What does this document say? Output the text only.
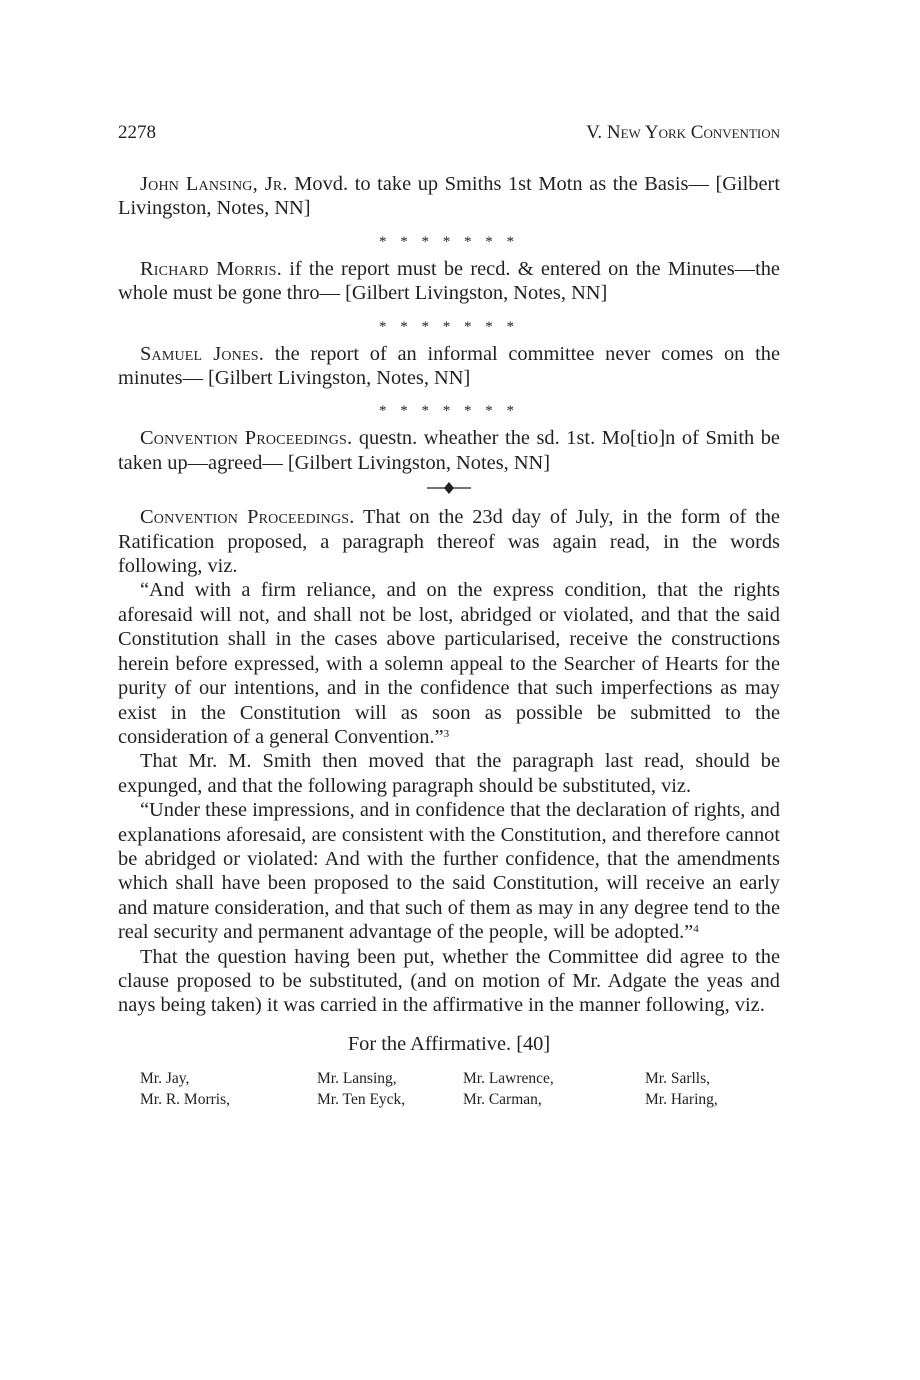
2278	V. New York Convention

John Lansing, Jr. Movd. to take up Smiths 1st Motn as the Basis— [Gilbert Livingston, Notes, NN]

* * * * * * *

Richard Morris. if the report must be recd. & entered on the Minutes—the whole must be gone thro— [Gilbert Livingston, Notes, NN]

* * * * * * *

Samuel Jones. the report of an informal committee never comes on the minutes— [Gilbert Livingston, Notes, NN]

* * * * * * *

Convention Proceedings. questn. wheather the sd. 1st. Mo[tio]n of Smith be taken up—agreed— [Gilbert Livingston, Notes, NN]

Convention Proceedings. That on the 23d day of July, in the form of the Ratification proposed, a paragraph thereof was again read, in the words following, viz.

“And with a firm reliance, and on the express condition, that the rights aforesaid will not, and shall not be lost, abridged or violated, and that the said Constitution shall in the cases above particularised, receive the constructions herein before expressed, with a solemn appeal to the Searcher of Hearts for the purity of our intentions, and in the confidence that such imperfections as may exist in the Constitution will as soon as possible be submitted to the consideration of a general Convention.”$^3$

That Mr. M. Smith then moved that the paragraph last read, should be expunged, and that the following paragraph should be substituted, viz.

“Under these impressions, and in confidence that the declaration of rights, and explanations aforesaid, are consistent with the Constitution, and therefore cannot be abridged or violated: And with the further confidence, that the amendments which shall have been proposed to the said Constitution, will receive an early and mature consideration, and that such of them as may in any degree tend to the real security and permanent advantage of the people, will be adopted.”$^4$

That the question having been put, whether the Committee did agree to the clause proposed to be substituted, (and on motion of Mr. Adgate the yeas and nays being taken) it was carried in the affirmative in the manner following, viz.

For the Affirmative. [40]
Mr. Jay,	Mr. Lansing,	Mr. Lawrence,	Mr. Sarlls,
Mr. R. Morris,	Mr. Ten Eyck,	Mr. Carman,	Mr. Haring,
